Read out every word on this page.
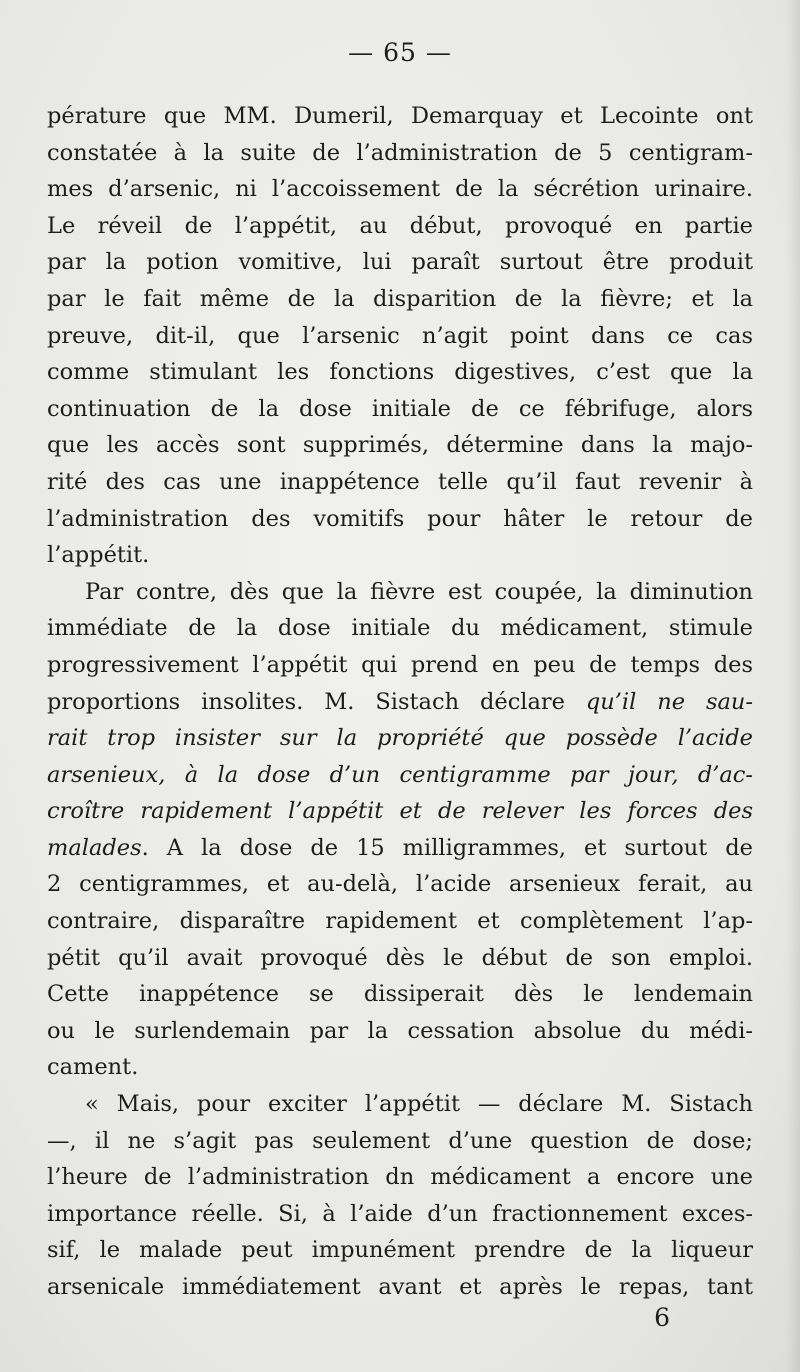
— 65 —
pérature que MM. Dumeril, Demarquay et Lecointe ont
constatée à la suite de l’administration de 5 centigram-
mes d’arsenic, ni l’accoissement de la sécrétion urinaire.
Le réveil de l’appétit, au début, provoqué en partie
par la potion vomitive, lui paraît surtout être produit
par le fait même de la disparition de la fièvre; et la
preuve, dit-il, que l’arsenic n’agit point dans ce cas
comme stimulant les fonctions digestives, c’est que la
continuation de la dose initiale de ce fébrifuge, alors
que les accès sont supprimés, détermine dans la majo-
rité des cas une inappétence telle qu’il faut revenir à
l’administration des vomitifs pour hâter le retour de
l’appétit.
Par contre, dès que la fièvre est coupée, la diminution
immédiate de la dose initiale du médicament, stimule
progressivement l’appétit qui prend en peu de temps des
proportions insolites. M. Sistach déclare qu’il ne sau-
rait trop insister sur la propriété que possède l’acide
arsenieux, à la dose d’un centigramme par jour, d’ac-
croître rapidement l’appétit et de relever les forces des
malades. A la dose de 15 milligrammes, et surtout de
2 centigrammes, et au-delà, l’acide arsenieux ferait, au
contraire, disparaître rapidement et complètement l’ap-
pétit qu’il avait provoqué dès le début de son emploi.
Cette inappétence se dissiperait dès le lendemain
ou le surlendemain par la cessation absolue du médi-
cament.
« Mais, pour exciter l’appétit — déclare M. Sistach
—, il ne s’agit pas seulement d’une question de dose;
l’heure de l’administration dn médicament a encore une
importance réelle. Si, à l’aide d’un fractionnement exces-
sif, le malade peut impunément prendre de la liqueur
arsenicale immédiatement avant et après le repas, tant
6
